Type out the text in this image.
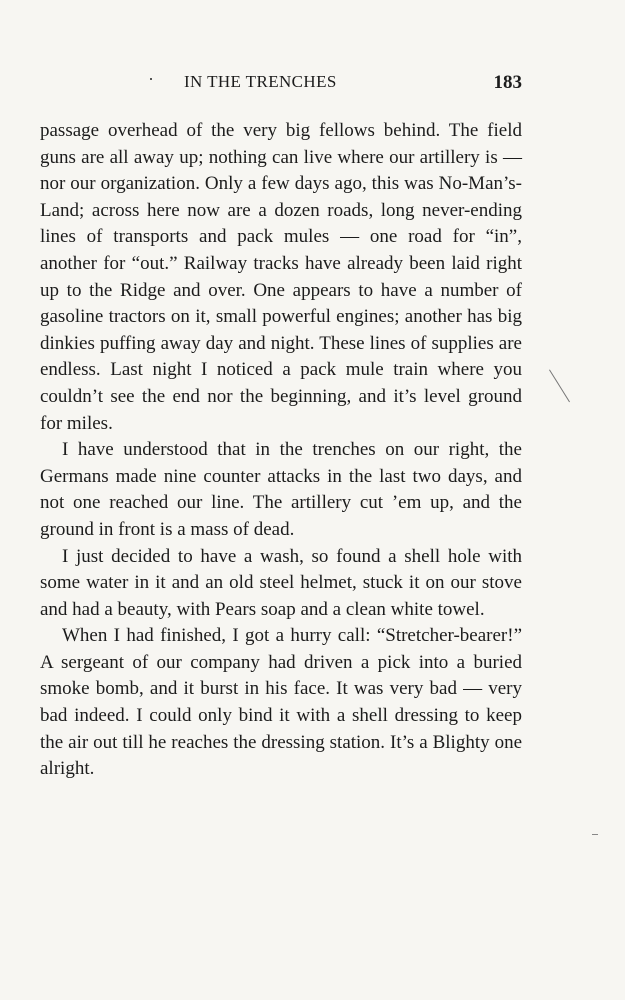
IN THE TRENCHES	183

passage overhead of the very big fellows behind. The field guns are all away up; nothing can live where our artillery is — nor our organization. Only a few days ago, this was No-Man’s-Land; across here now are a dozen roads, long never-ending lines of transports and pack mules — one road for “in”, another for “out.” Railway tracks have already been laid right up to the Ridge and over. One appears to have a number of gasoline tractors on it, small powerful engines; another has big dinkies puffing away day and night. These lines of supplies are endless. Last night I noticed a pack mule train where you couldn’t see the end nor the beginning, and it’s level ground for miles.

I have understood that in the trenches on our right, the Germans made nine counter attacks in the last two days, and not one reached our line. The artillery cut ’em up, and the ground in front is a mass of dead.

I just decided to have a wash, so found a shell hole with some water in it and an old steel helmet, stuck it on our stove and had a beauty, with Pears soap and a clean white towel.

When I had finished, I got a hurry call: “Stretcher-bearer!” A sergeant of our company had driven a pick into a buried smoke bomb, and it burst in his face. It was very bad — very bad indeed. I could only bind it with a shell dressing to keep the air out till he reaches the dressing station. It’s a Blighty one alright.
